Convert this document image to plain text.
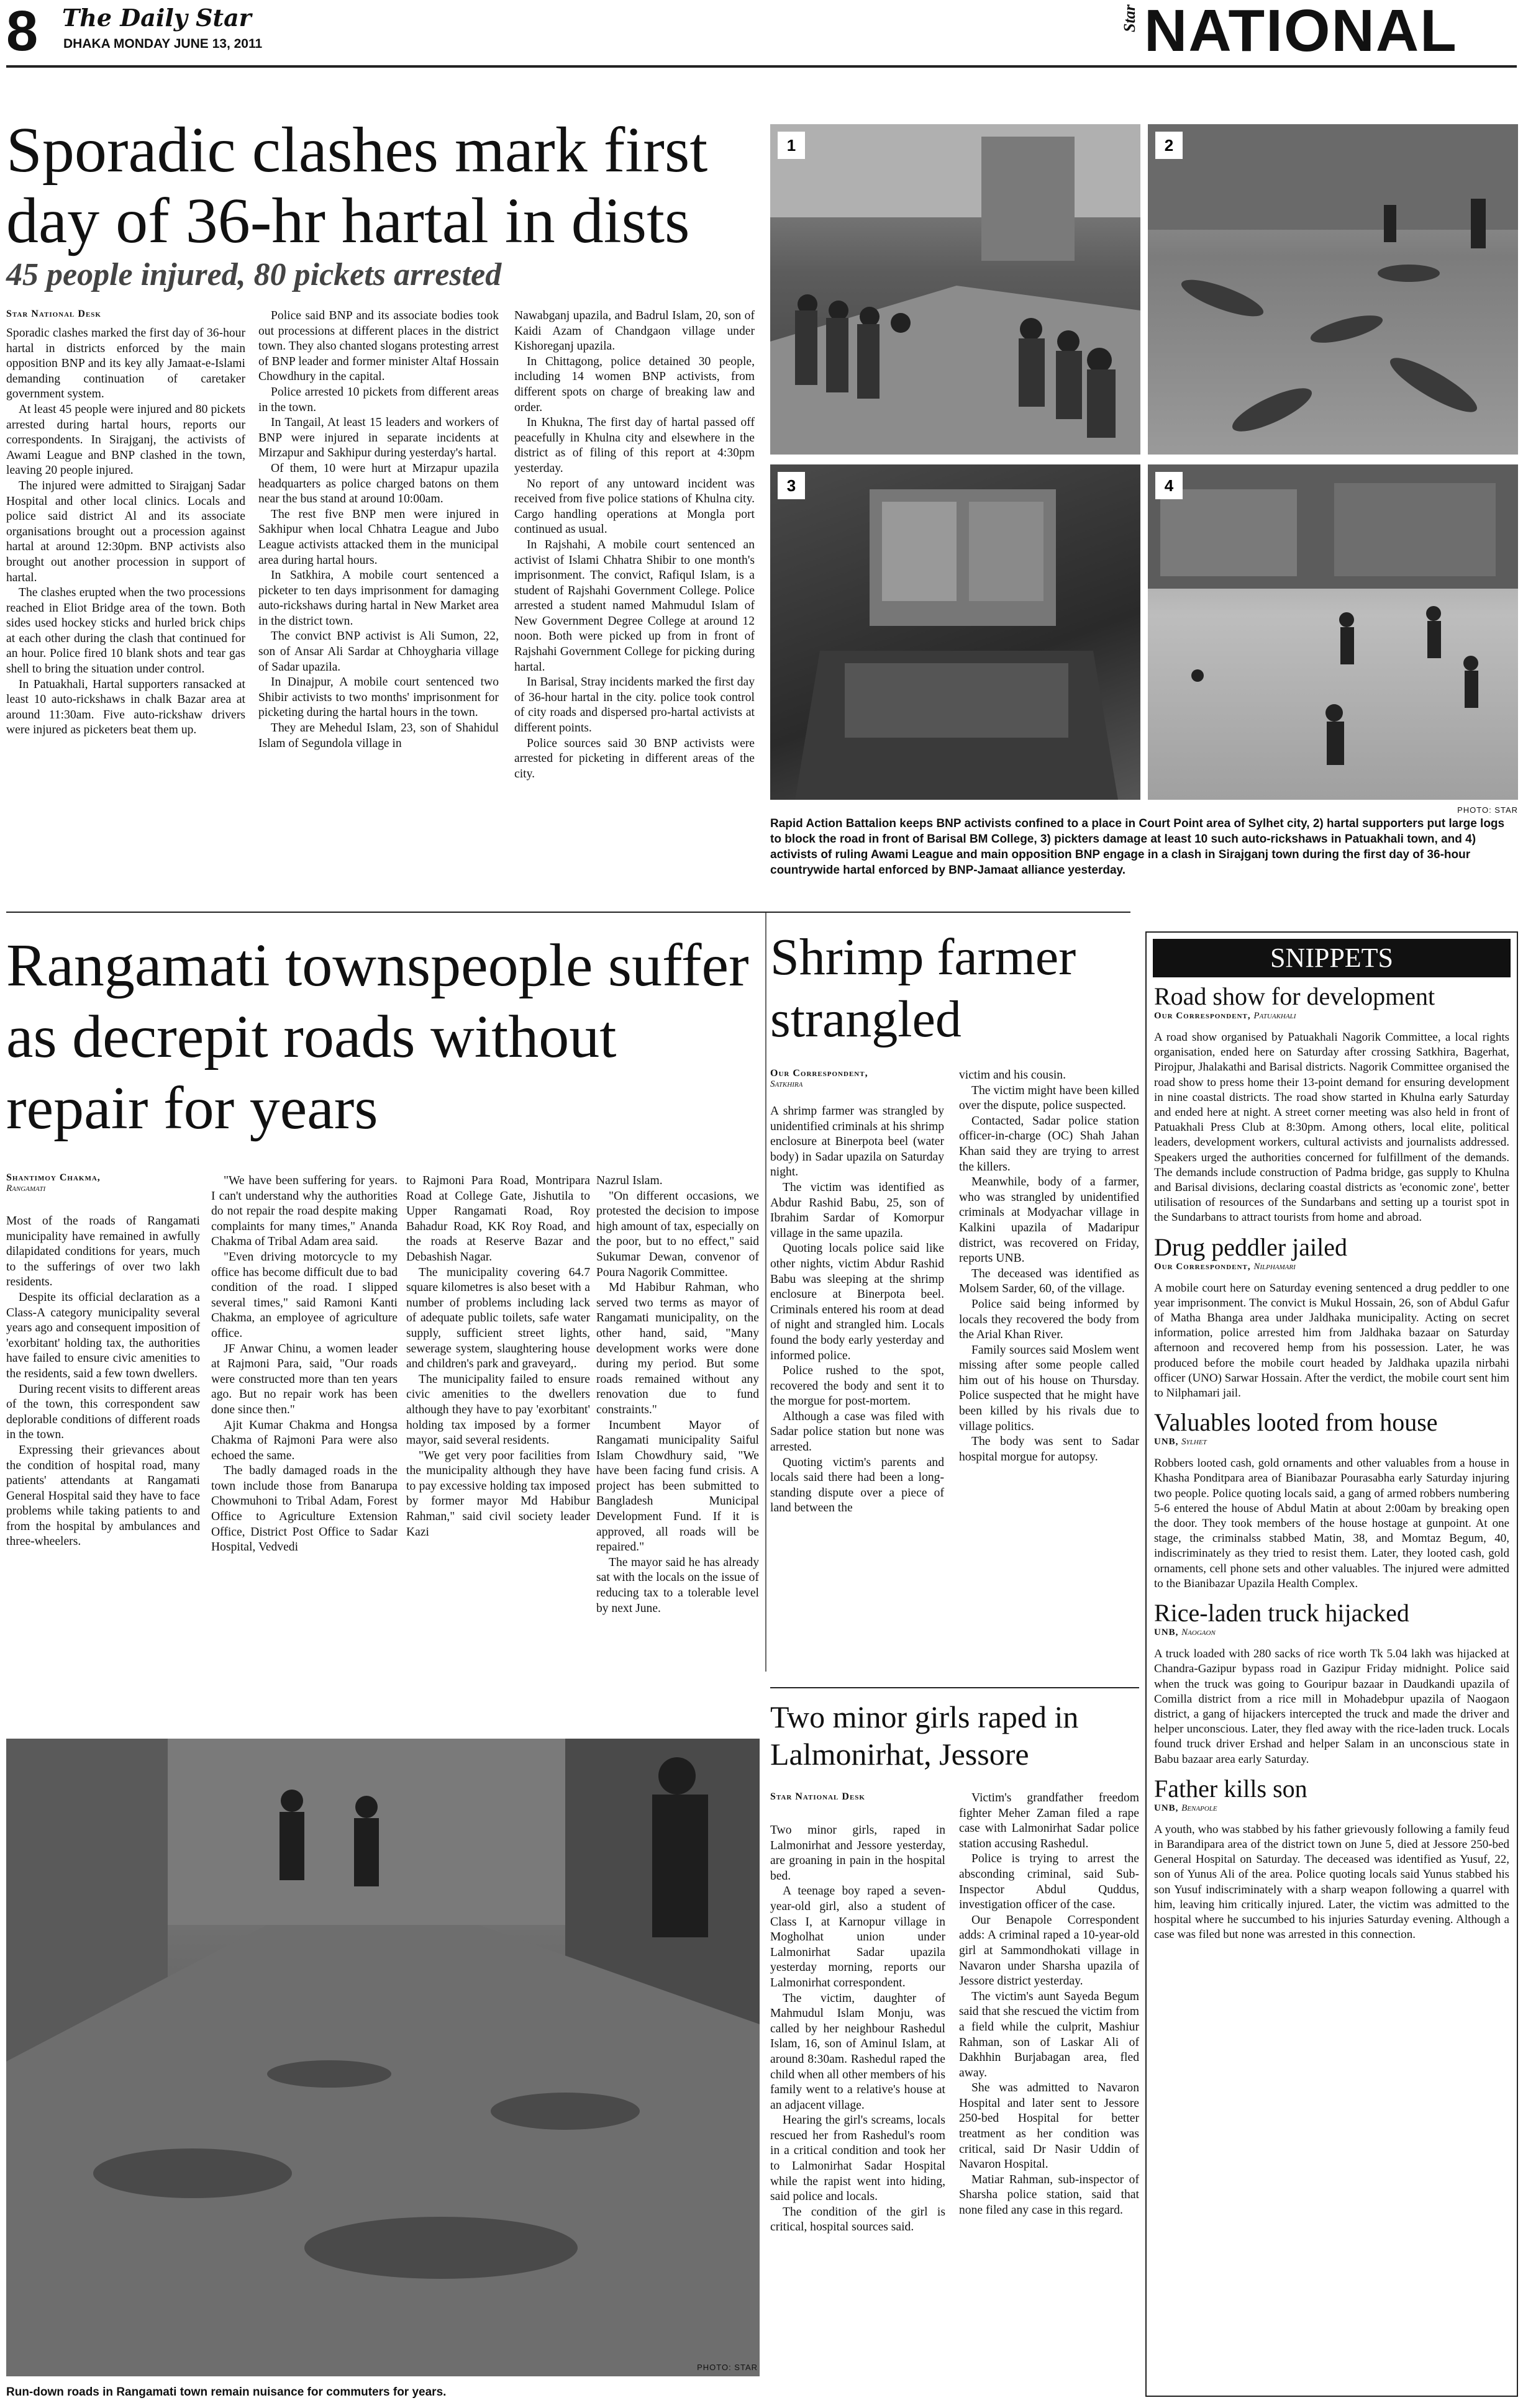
8 The Daily Star
DHAKA MONDAY JUNE 13, 2011
Star NATIONAL
Sporadic clashes mark first day of 36-hr hartal in dists
45 people injured, 80 pickets arrested
Star National Desk

Sporadic clashes marked the first day of 36-hour hartal in districts enforced by the main opposition BNP and its key ally Jamaat-e-Islami demanding continuation of caretaker government system.

At least 45 people were injured and 80 pickets arrested during hartal hours, reports our correspondents. In Sirajganj, the activists of Awami League and BNP clashed in the town, leaving 20 people injured.

The injured were admitted to Sirajganj Sadar Hospital and other local clinics. Locals and police said district Al and its associate organisations brought out a procession against hartal at around 12:30pm. BNP activists also brought out another procession in support of hartal.

The clashes erupted when the two processions reached in Eliot Bridge area of the town. Both sides used hockey sticks and hurled brick chips at each other during the clash that continued for an hour. Police fired 10 blank shots and tear gas shell to bring the situation under control.

In Patuakhali, Hartal supporters ransacked at least 10 auto-rickshaws in chalk Bazar area at around 11:30am. Five auto-rickshaw drivers were injured as picketers beat them up.

Police said BNP and its associate bodies took out processions at different places in the district town. They also chanted slogans protesting arrest of BNP leader and former minister Altaf Hossain Chowdhury in the capital.

Police arrested 10 pickets from different areas in the town.

In Tangail, At least 15 leaders and workers of BNP were injured in separate incidents at Mirzapur and Sakhipur during yesterday's hartal.

Of them, 10 were hurt at Mirzapur upazila headquarters as police charged batons on them near the bus stand at around 10:00am.

The rest five BNP men were injured in Sakhipur when local Chhatra League and Jubo League activists attacked them in the municipal area during hartal hours.

In Satkhira, A mobile court sentenced a picketer to ten days imprisonment for damaging auto-rickshaws during hartal in New Market area in the district town.

The convict BNP activist is Ali Sumon, 22, son of Ansar Ali Sardar at Chhoygharia village of Sadar upazila.

In Dinajpur, A mobile court sentenced two Shibir activists to two months' imprisonment for picketing during the hartal hours in the town.

They are Mehedul Islam, 23, son of Shahidul Islam of Segundola village in

Nawabganj upazila, and Badrul Islam, 20, son of Kaidi Azam of Chandgaon village under Kishoreganj upazila.

In Chittagong, police detained 30 people, including 14 women BNP activists, from different spots on charge of breaking law and order.

In Khukna, The first day of hartal passed off peacefully in Khulna city and elsewhere in the district as of filing of this report at 4:30pm yesterday.

No report of any untoward incident was received from five police stations of Khulna city. Cargo handling operations at Mongla port continued as usual.

In Rajshahi, A mobile court sentenced an activist of Islami Chhatra Shibir to one month's imprisonment. The convict, Rafiqul Islam, is a student of Rajshahi Government College. Police arrested a student named Mahmudul Islam of New Government Degree College at around 12 noon. Both were picked up from in front of Rajshahi Government College for picking during hartal.

In Barisal, Stray incidents marked the first day of 36-hour hartal in the city. police took control of city roads and dispersed pro-hartal activists at different points.

Police sources said 30 BNP activists were arrested for picketing in different areas of the city.

1	2
3	4
PHOTO: STAR
Rapid Action Battalion keeps BNP activists confined to a place in Court Point area of Sylhet city, 2) hartal supporters put large logs to block the road in front of Barisal BM College, 3) pickters damage at least 10 such auto-rickshaws in Patuakhali town, and 4) activists of ruling Awami League and main opposition BNP engage in a clash in Sirajganj town during the first day of 36-hour countrywide hartal enforced by BNP-Jamaat alliance yesterday.
Rangamati townspeople suffer as decrepit roads without repair for years
Shantimoy Chakma,
Rangamati

Most of the roads of Rangamati municipality have remained in awfully dilapidated conditions for years, much to the sufferings of over two lakh residents.

Despite its official declaration as a Class-A category municipality several years ago and consequent imposition of 'exorbitant' holding tax, the authorities have failed to ensure civic amenities to the residents, said a few town dwellers.

During recent visits to different areas of the town, this correspondent saw deplorable conditions of different roads in the town.

Expressing their grievances about the condition of hospital road, many patients' attendants at Rangamati General Hospital said they have to face problems while taking patients to and from the hospital by ambulances and three-wheelers.

"We have been suffering for years. I can't understand why the authorities do not repair the road despite making complaints for many times," Ananda Chakma of Tribal Adam area said.

"Even driving motorcycle to my office has become difficult due to bad condition of the road. I slipped several times," said Ramoni Kanti Chakma, an employee of agriculture office.

JF Anwar Chinu, a women leader at Rajmoni Para, said, "Our roads were constructed more than ten years ago. But no repair work has been done since then."

Ajit Kumar Chakma and Hongsa Chakma of Rajmoni Para were also echoed the same.

The badly damaged roads in the town include those from Banarupa Chowmuhoni to Tribal Adam, Forest Office to Agriculture Extension Office, District Post Office to Sadar Hospital, Vedvedi

to Rajmoni Para Road, Montripara Road at College Gate, Jishutila to Upper Rangamati Road, Roy Bahadur Road, KK Roy Road, and the roads at Reserve Bazar and Debashish Nagar.

The municipality covering 64.7 square kilometres is also beset with a number of problems including lack of adequate public toilets, safe water supply, sufficient street lights, sewerage system, slaughtering house and children's park and graveyard,.

The municipality failed to ensure civic amenities to the dwellers although they have to pay 'exorbitant' holding tax imposed by a former mayor, said several residents.

"We get very poor facilities from the municipality although they have to pay excessive holding tax imposed by former mayor Md Habibur Rahman," said civil society leader Kazi

Nazrul Islam.

"On different occasions, we protested the decision to impose high amount of tax, especially on the poor, but to no effect," said Sukumar Dewan, convenor of Poura Nagorik Committee.

Md Habibur Rahman, who served two terms as mayor of Rangamati municipality, on the other hand, said, "Many development works were done during my period. But some roads remained without any renovation due to fund constraints."

Incumbent Mayor of Rangamati municipality Saiful Islam Chowdhury said, "We have been facing fund crisis. A project has been submitted to Bangladesh Municipal Development Fund. If it is approved, all roads will be repaired."

The mayor said he has already sat with the locals on the issue of reducing tax to a tolerable level by next June.

PHOTO: STAR
Run-down roads in Rangamati town remain nuisance for commuters for years.
Shrimp farmer strangled
Our Correspondent,
Satkhira

A shrimp farmer was strangled by unidentified criminals at his shrimp enclosure at Binerpota beel (water body) in Sadar upazila on Saturday night.

The victim was identified as Abdur Rashid Babu, 25, son of Ibrahim Sardar of Komorpur village in the same upazila.

Quoting locals police said like other nights, victim Abdur Rashid Babu was sleeping at the shrimp enclosure at Binerpota beel. Criminals entered his room at dead of night and strangled him. Locals found the body early yesterday and informed police.

Police rushed to the spot, recovered the body and sent it to the morgue for post-mortem.

Although a case was filed with Sadar police station but none was arrested.

Quoting victim's parents and locals said there had been a long-standing dispute over a piece of land between the

victim and his cousin.

The victim might have been killed over the dispute, police suspected.

Contacted, Sadar police station officer-in-charge (OC) Shah Jahan Khan said they are trying to arrest the killers.

Meanwhile, body of a farmer, who was strangled by unidentified criminals at Modyachar village in Kalkini upazila of Madaripur district, was recovered on Friday, reports UNB.

The deceased was identified as Molsem Sarder, 60, of the village.

Police said being informed by locals they recovered the body from the Arial Khan River.

Family sources said Moslem went missing after some people called him out of his house on Thursday. Police suspected that he might have been killed by his rivals due to village politics.

The body was sent to Sadar hospital morgue for autopsy.

Two minor girls raped in Lalmonirhat, Jessore
Star National Desk

Two minor girls, raped in Lalmonirhat and Jessore yesterday, are groaning in pain in the hospital bed.

A teenage boy raped a seven-year-old girl, also a student of Class I, at Karnopur village in Mogholhat union under Lalmonirhat Sadar upazila yesterday morning, reports our Lalmonirhat correspondent.

The victim, daughter of Mahmudul Islam Monju, was called by her neighbour Rashedul Islam, 16, son of Aminul Islam, at around 8:30am. Rashedul raped the child when all other members of his family went to a relative's house at an adjacent village.

Hearing the girl's screams, locals rescued her from Rashedul's room in a critical condition and took her to Lalmonirhat Sadar Hospital while the rapist went into hiding, said police and locals.

The condition of the girl is critical, hospital sources said.

Victim's grandfather freedom fighter Meher Zaman filed a rape case with Lalmonirhat Sadar police station accusing Rashedul.

Police is trying to arrest the absconding criminal, said Sub-Inspector Abdul Quddus, investigation officer of the case.

Our Benapole Correspondent adds: A criminal raped a 10-year-old girl at Sammondhokati village in Navaron under Sharsha upazila of Jessore district yesterday.

The victim's aunt Sayeda Begum said that she rescued the victim from a field while the culprit, Mashiur Rahman, son of Laskar Ali of Dakhhin Burjabagan area, fled away.

She was admitted to Navaron Hospital and later sent to Jessore 250-bed Hospital for better treatment as her condition was critical, said Dr Nasir Uddin of Navaron Hospital.

Matiar Rahman, sub-inspector of Sharsha police station, said that none filed any case in this regard.

SNIPPETS
Road show for development
Our Correspondent, Patuakhali
A road show organised by Patuakhali Nagorik Committee, a local rights organisation, ended here on Saturday after crossing Satkhira, Bagerhat, Pirojpur, Jhalakathi and Barisal districts. Nagorik Committee organised the road show to press home their 13-point demand for ensuring development in nine coastal districts. The road show started in Khulna early Saturday and ended here at night. A street corner meeting was also held in front of Patuakhali Press Club at 8:30pm. Among others, local elite, political leaders, development workers, cultural activists and journalists addressed. Speakers urged the authorities concerned for fulfillment of the demands. The demands include construction of Padma bridge, gas supply to Khulna and Barisal divisions, declaring coastal districts as 'economic zone', better utilisation of resources of the Sundarbans and setting up a tourist spot in the Sundarbans to attract tourists from home and abroad.
Drug peddler jailed
Our Correspondent, Nilphamari
A mobile court here on Saturday evening sentenced a drug peddler to one year imprisonment. The convict is Mukul Hossain, 26, son of Abdul Gafur of Matha Bhanga area under Jaldhaka municipality. Acting on secret information, police arrested him from Jaldhaka bazaar on Saturday afternoon and recovered hemp from his possession. Later, he was produced before the mobile court headed by Jaldhaka upazila nirbahi officer (UNO) Sarwar Hossain. After the verdict, the mobile court sent him to Nilphamari jail.
Valuables looted from house
UNB, Sylhet
Robbers looted cash, gold ornaments and other valuables from a house in Khasha Ponditpara area of Bianibazar Pourasabha early Saturday injuring two people. Police quoting locals said, a gang of armed robbers numbering 5-6 entered the house of Abdul Matin at about 2:00am by breaking open the door. They took members of the house hostage at gunpoint. At one stage, the criminalss stabbed Matin, 38, and Momtaz Begum, 40, indiscriminately as they tried to resist them. Later, they looted cash, gold ornaments, cell phone sets and other valuables. The injured were admitted to the Bianibazar Upazila Health Complex.
Rice-laden truck hijacked
UNB, Naogaon
A truck loaded with 280 sacks of rice worth Tk 5.04 lakh was hijacked at Chandra-Gazipur bypass road in Gazipur Friday midnight. Police said when the truck was going to Gouripur bazaar in Daudkandi upazila of Comilla district from a rice mill in Mohadebpur upazila of Naogaon district, a gang of hijackers intercepted the truck and made the driver and helper unconscious. Later, they fled away with the rice-laden truck. Locals found truck driver Ershad and helper Salam in an unconscious state in Babu bazaar area early Saturday.
Father kills son
UNB, Benapole
A youth, who was stabbed by his father grievously following a family feud in Barandipara area of the district town on June 5, died at Jessore 250-bed General Hospital on Saturday. The deceased was identified as Yusuf, 22, son of Yunus Ali of the area. Police quoting locals said Yunus stabbed his son Yusuf indiscriminately with a sharp weapon following a quarrel with him, leaving him critically injured. Later, the victim was admitted to the hospital where he succumbed to his injuries Saturday evening. Although a case was filed but none was arrested in this connection.
